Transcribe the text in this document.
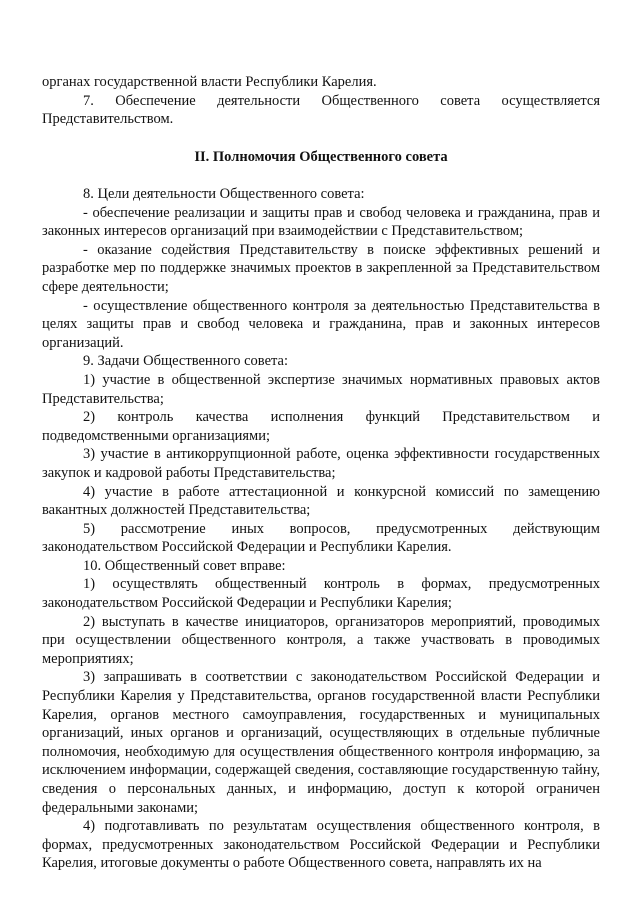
органах государственной власти Республики Карелия.

7. Обеспечение деятельности Общественного совета осуществляется Представительством.

II. Полномочия Общественного совета

8. Цели деятельности Общественного совета:

- обеспечение реализации и защиты прав и свобод человека и гражданина, прав и законных интересов организаций при взаимодействии с Представительством;

- оказание содействия Представительству в поиске эффективных решений и разработке мер по поддержке значимых проектов в закрепленной за Представительством сфере деятельности;

- осуществление общественного контроля за деятельностью Представительства в целях защиты прав и свобод человека и гражданина, прав и законных интересов организаций.

9. Задачи Общественного совета:

1) участие в общественной экспертизе значимых нормативных правовых актов Представительства;

2) контроль качества исполнения функций Представительством и подведомственными организациями;

3) участие в антикоррупционной работе, оценка эффективности государственных закупок и кадровой работы Представительства;

4) участие в работе аттестационной и конкурсной комиссий по замещению вакантных должностей Представительства;

5) рассмотрение иных вопросов, предусмотренных действующим законодательством Российской Федерации и Республики Карелия.

10. Общественный совет вправе:

1) осуществлять общественный контроль в формах, предусмотренных законодательством Российской Федерации и Республики Карелия;

2) выступать в качестве инициаторов, организаторов мероприятий, проводимых при осуществлении общественного контроля, а также участвовать в проводимых мероприятиях;

3) запрашивать в соответствии с законодательством Российской Федерации и Республики Карелия у Представительства, органов государственной власти Республики Карелия, органов местного самоуправления, государственных и муниципальных организаций, иных органов и организаций, осуществляющих в отдельные публичные полномочия, необходимую для осуществления общественного контроля информацию, за исключением информации, содержащей сведения, составляющие государственную тайну, сведения о персональных данных, и информацию, доступ к которой ограничен федеральными законами;

4) подготавливать по результатам осуществления общественного контроля, в формах, предусмотренных законодательством Российской Федерации и Республики Карелия, итоговые документы о работе Общественного совета, направлять их на
